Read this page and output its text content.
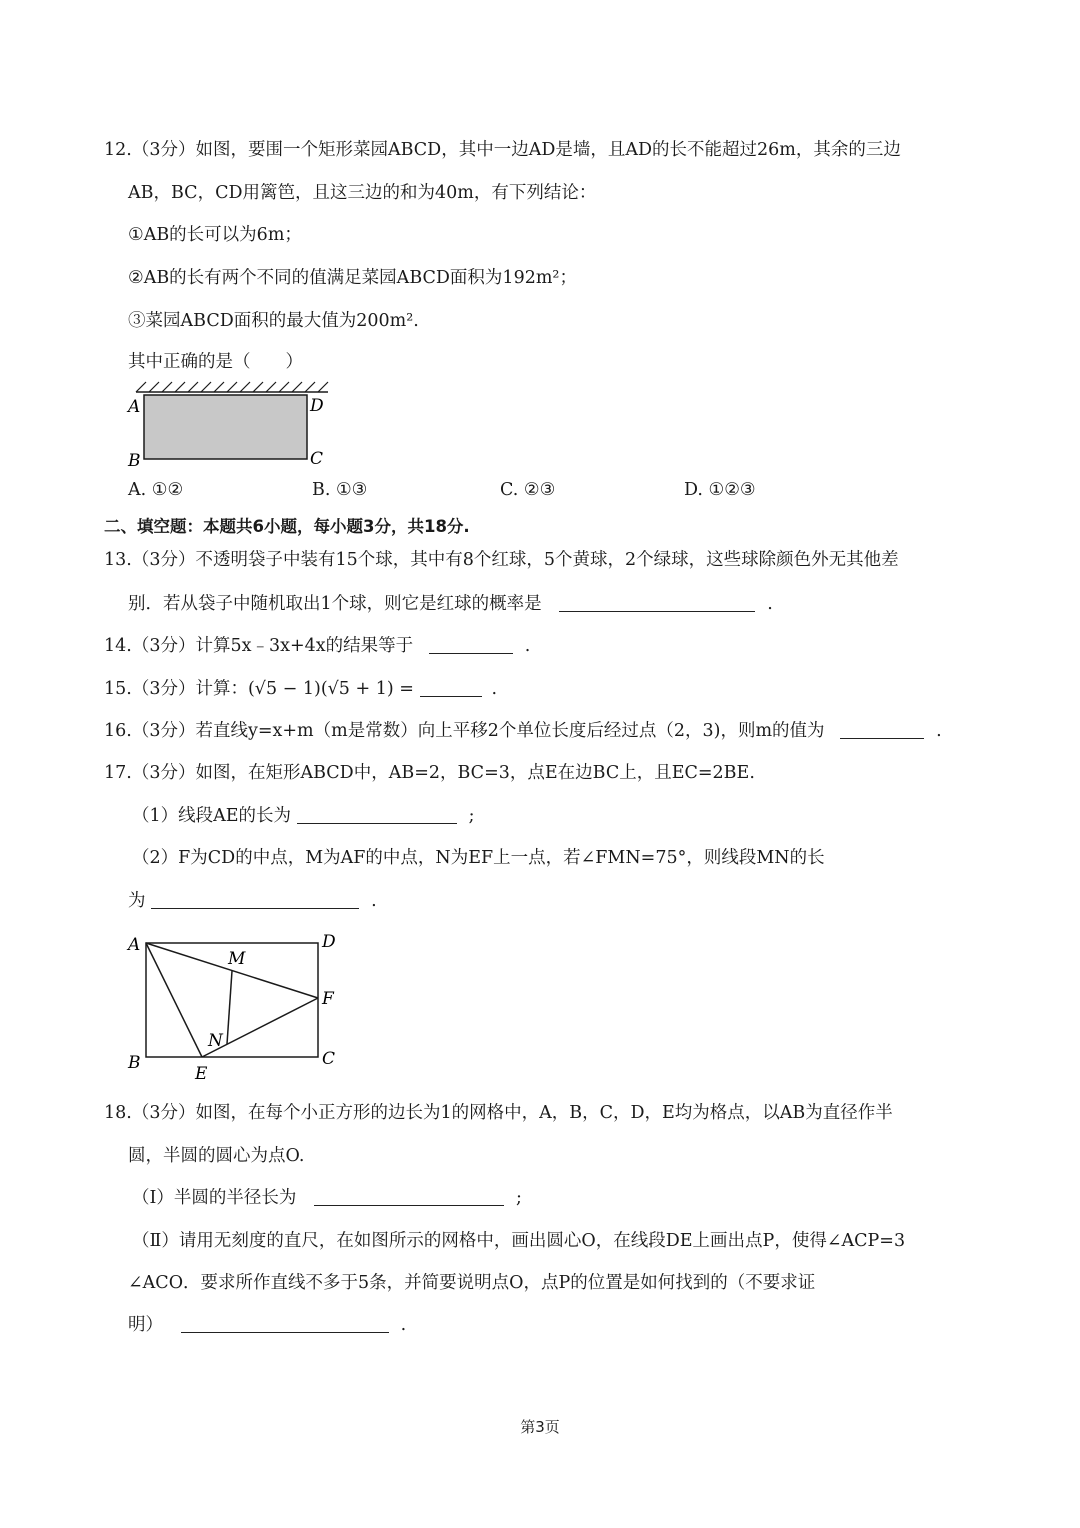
12.（3分）如图，要围一个矩形菜园ABCD，其中一边AD是墙，且AD的长不能超过26m，其余的三边
AB，BC，CD用篱笆，且这三边的和为40m，有下列结论：
①AB的长可以为6m；
②AB的长有两个不同的值满足菜园ABCD面积为192m²；
③菜园ABCD面积的最大值为200m².
其中正确的是（　　）
A	D
B	C
A. ①②	B. ①③	C. ②③	D. ①②③
二、填空题：本题共6小题，每小题3分，共18分.
13.（3分）不透明袋子中装有15个球，其中有8个红球，5个黄球，2个绿球，这些球除颜色外无其他差
别．若从袋子中随机取出1个球，则它是红球的概率是	.
14.（3分）计算5x﹣3x+4x的结果等于	.
15.（3分）计算：(√5 − 1)(√5 + 1) =	.
16.（3分）若直线y=x+m（m是常数）向上平移2个单位长度后经过点（2，3)，则m的值为	.
17.（3分）如图，在矩形ABCD中，AB=2，BC=3，点E在边BC上，且EC=2BE.
（1）线段AE的长为	;
（2）F为CD的中点，M为AF的中点，N为EF上一点，若∠FMN=75°，则线段MN的长
为	.
A	D
M
F
N
B	C
E
18.（3分）如图，在每个小正方形的边长为1的网格中，A，B，C，D，E均为格点，以AB为直径作半
圆，半圆的圆心为点O.
（Ⅰ）半圆的半径长为	;
（Ⅱ）请用无刻度的直尺，在如图所示的网格中，画出圆心O，在线段DE上画出点P，使得∠ACP=3
∠ACO．要求所作直线不多于5条，并简要说明点O，点P的位置是如何找到的（不要求证
明）	.
第3页
